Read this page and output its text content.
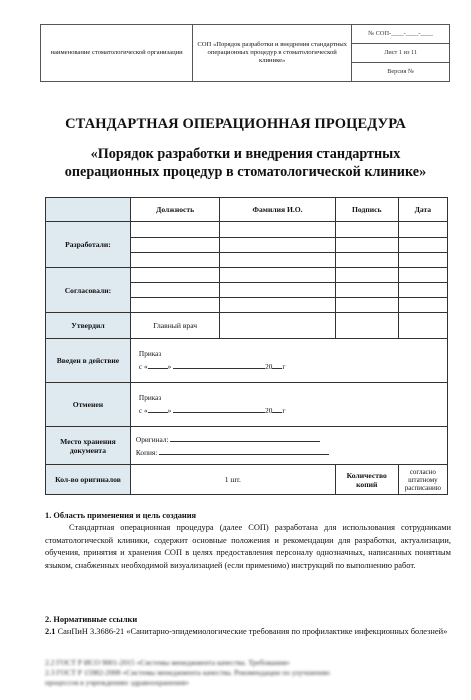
наименование стоматологической организации	СОП «Порядок разработки и внедрения стандартных операционных процедур в стоматологической клинике»	№ СОП-____-____-____
Лист 1 из 11
Версия №
СТАНДАРТНАЯ ОПЕРАЦИОННАЯ ПРОЦЕДУРА
«Порядок разработки и внедрения стандартных операционных процедур в стоматологической клинике»
	Должность	Фамилия И.О.	Подпись	Дата
Разработали:				

Согласовали:				

Утвердил	Главный врач			
Введен в действие	Приказ
с « » 20 г			

Отменен	Приказ
с « » 20 г			

Место хранения документа	Оригинал:
Копия:			

Кол-во оригиналов	1 шт.		Количество копий	согласно штатному расписанию
1. Область применения и цель создания
Стандартная операционная процедура (далее СОП) разработана для использования сотрудниками стоматологической клиники, содержит основные положения и рекомендации для разработки, актуализации, обучения, принятия и хранения СОП в целях предоставления персоналу однозначных, написанных понятным языком, снабженных необходимой визуализацией (если применимо) инструкций по выполнению работ.
2. Нормативные ссылки
2.1 СанПиН 3.3686-21 «Санитарно-эпидемиологические требования по профилактике инфекционных болезней»
2.2 ГОСТ Р ИСО 9001-2015 «Системы менеджмента качества. Требования»
2.3 ГОСТ Р 15982-2008 «Системы менеджмента качества. Рекомендации по улучшению
процессов в учреждениях здравоохранения»
